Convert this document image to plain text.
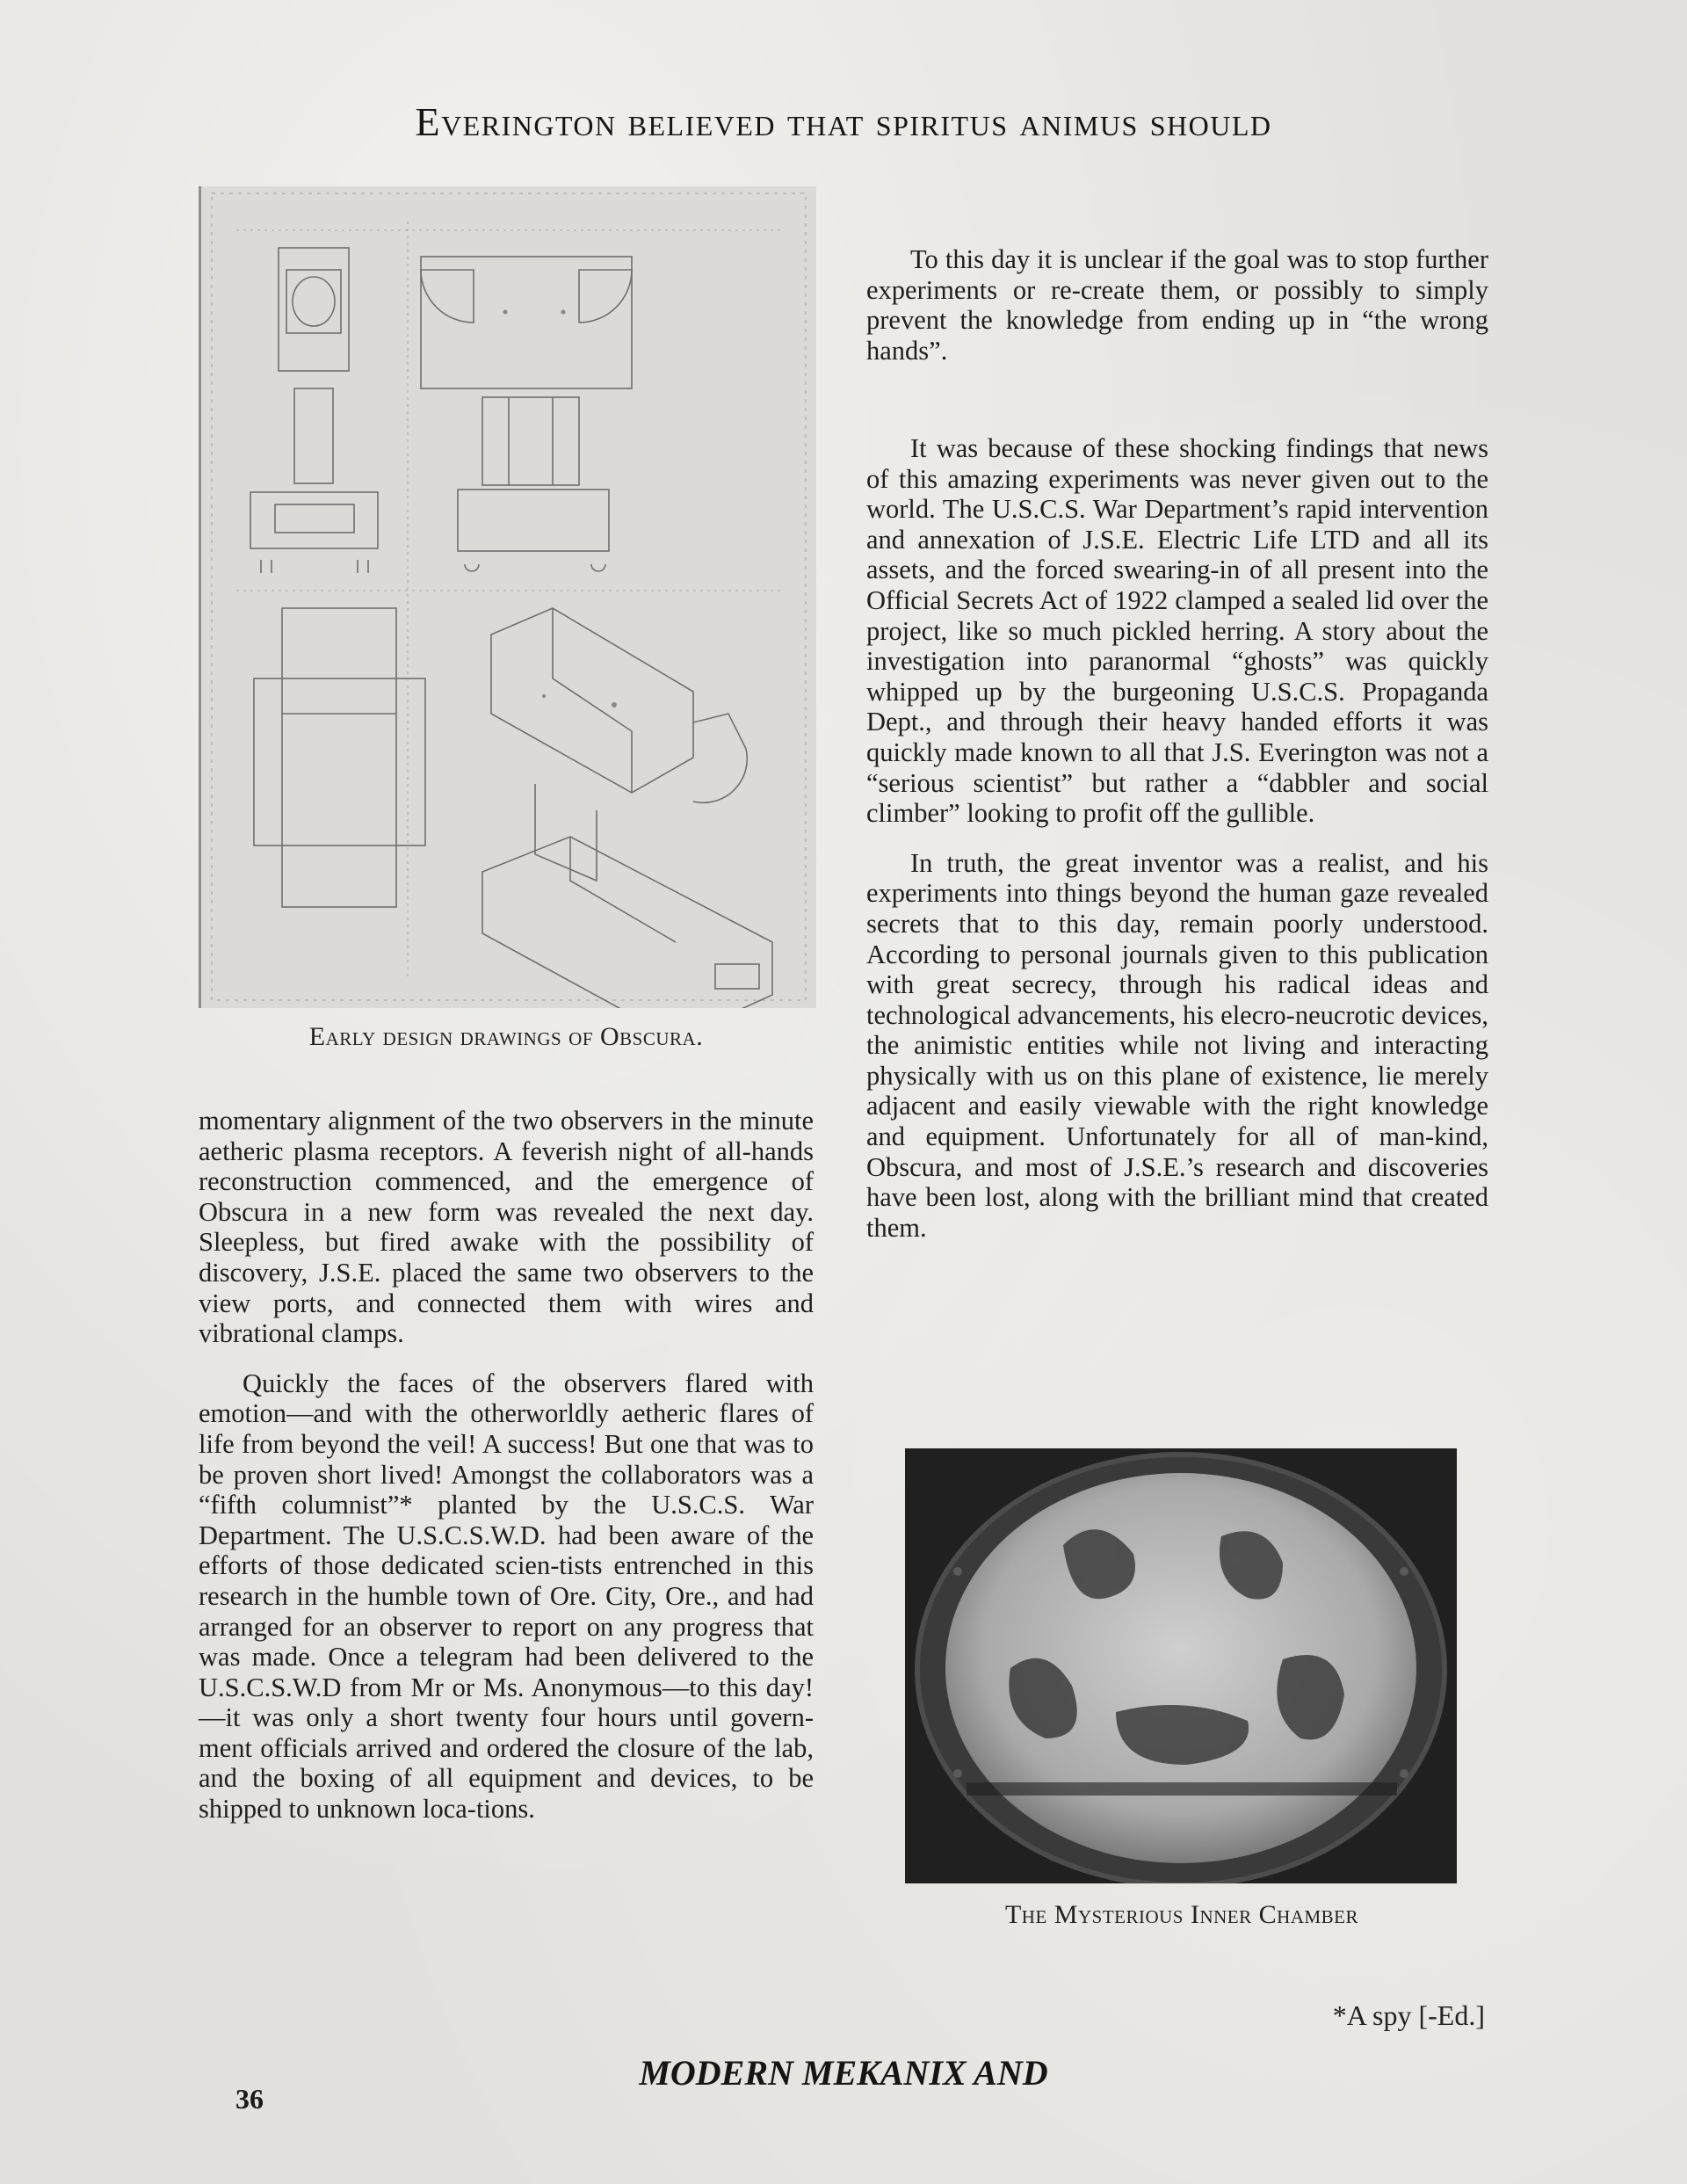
Everington believed that spiritus animus should
Early design drawings of Obscura.

momentary alignment of the two observers in the minute aetheric plasma receptors. A feverish night of all-hands reconstruction commenced, and the emergence of Obscura in a new form was revealed the next day. Sleepless, but fired awake with the possibility of discovery, J.S.E. placed the same two observers to the view ports, and connected them with wires and vibrational clamps.

Quickly the faces of the observers flared with emotion—and with the otherworldly aetheric flares of life from beyond the veil! A success! But one that was to be proven short lived! Amongst the collaborators was a “fifth columnist”* planted by the U.S.C.S. War Department. The U.S.C.S.W.D. had been aware of the efforts of those dedicated scien-tists entrenched in this research in the humble town of Ore. City, Ore., and had arranged for an observer to report on any progress that was made. Once a telegram had been delivered to the U.S.C.S.W.D from Mr or Ms. Anonymous—to this day!—it was only a short twenty four hours until govern-ment officials arrived and ordered the closure of the lab, and the boxing of all equipment and devices, to be shipped to unknown loca-tions.

To this day it is unclear if the goal was to stop further experiments or re-create them, or possibly to simply prevent the knowledge from ending up in “the wrong hands”.

It was because of these shocking findings that news of this amazing experiments was never given out to the world. The U.S.C.S. War Department’s rapid intervention and annexation of J.S.E. Electric Life LTD and all its assets, and the forced swearing-in of all present into the Official Secrets Act of 1922 clamped a sealed lid over the project, like so much pickled herring. A story about the investigation into paranormal “ghosts” was quickly whipped up by the burgeoning U.S.C.S. Propaganda Dept., and through their heavy handed efforts it was quickly made known to all that J.S. Everington was not a “serious scientist” but rather a “dabbler and social climber” looking to profit off the gullible.

In truth, the great inventor was a realist, and his experiments into things beyond the human gaze revealed secrets that to this day, remain poorly understood. According to personal journals given to this publication with great secrecy, through his radical ideas and technological advancements, his elecro-neucrotic devices, the animistic entities while not living and interacting physically with us on this plane of existence, lie merely adjacent and easily viewable with the right knowledge and equipment. Unfortunately for all of man-kind, Obscura, and most of J.S.E.’s research and discoveries have been lost, along with the brilliant mind that created them.

The Mysterious Inner Chamber
*A spy [-Ed.]
MODERN MEKANIX AND
36
